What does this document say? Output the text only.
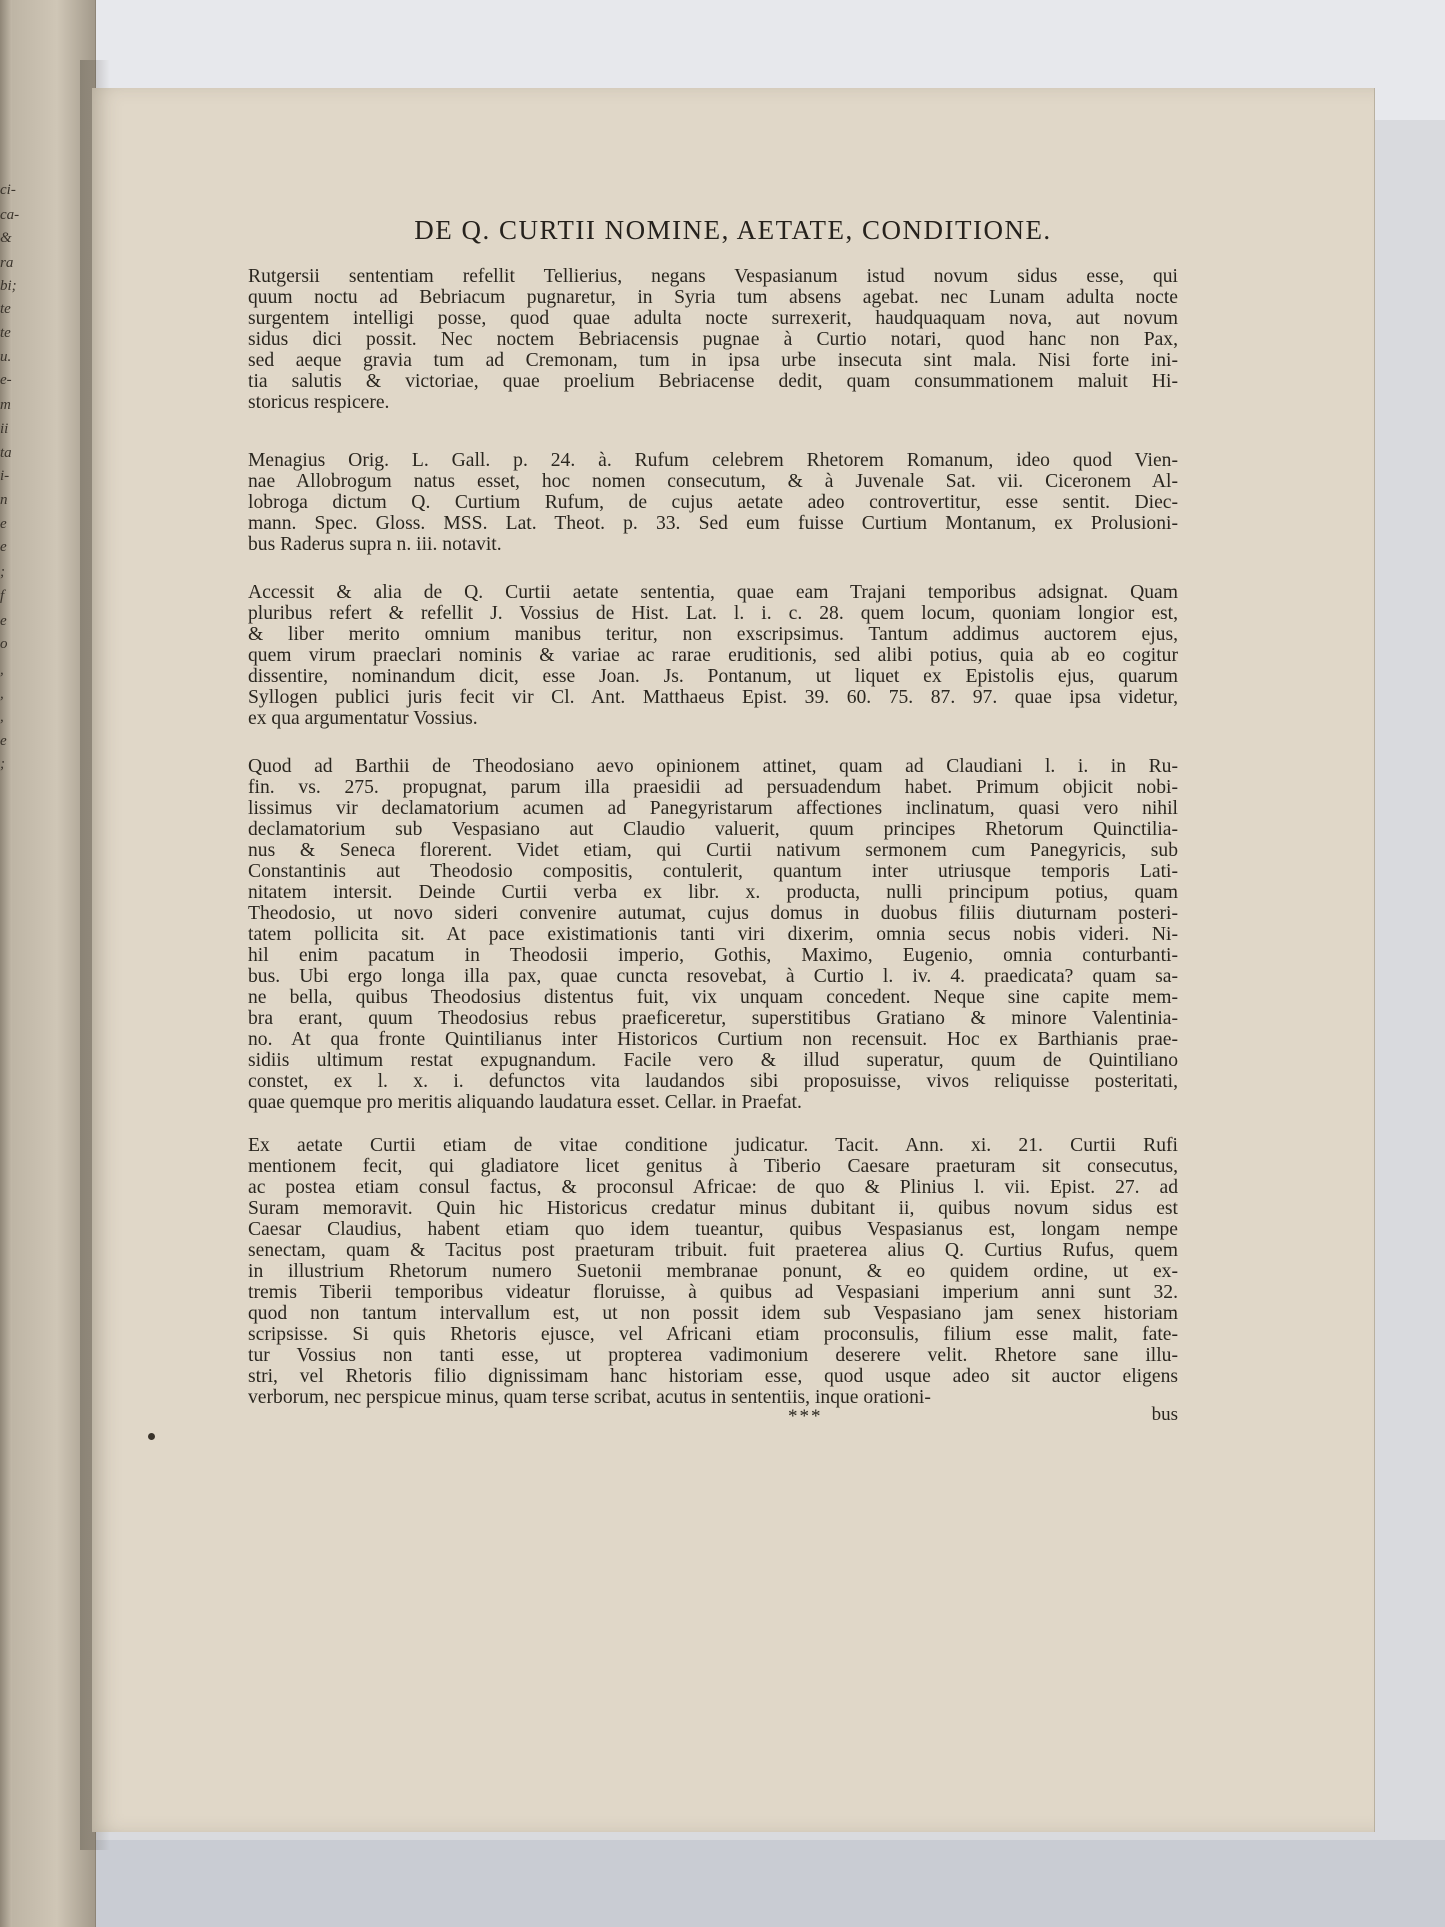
ci-
ca-
&
ra
bi;
te
te
u.
e-
m
ii
ta
i-
n
e
e
;
f
e
o
,
,
,
e
;
DE Q. CURTII NOMINE, AETATE, CONDITIONE.
Rutgersii sententiam refellit Tellierius, negans Vespasianum istud novum sidus esse, qui
quum noctu ad Bebriacum pugnaretur, in Syria tum absens agebat. nec Lunam adulta nocte
surgentem intelligi posse, quod quae adulta nocte surrexerit, haudquaquam nova, aut novum
sidus dici possit. Nec noctem Bebriacensis pugnae à Curtio notari, quod hanc non Pax,
sed aeque gravia tum ad Cremonam, tum in ipsa urbe insecuta sint mala. Nisi forte ini-
tia salutis & victoriae, quae proelium Bebriacense dedit, quam consummationem maluit Hi-
storicus respicere.
Menagius Orig. L. Gall. p. 24. à. Rufum celebrem Rhetorem Romanum, ideo quod Vien-
nae Allobrogum natus esset, hoc nomen consecutum, & à Juvenale Sat. vii. Ciceronem Al-
lobroga dictum Q. Curtium Rufum, de cujus aetate adeo controvertitur, esse sentit. Diec-
mann. Spec. Gloss. MSS. Lat. Theot. p. 33. Sed eum fuisse Curtium Montanum, ex Prolusioni-
bus Raderus supra n. iii. notavit.
Accessit & alia de Q. Curtii aetate sententia, quae eam Trajani temporibus adsignat. Quam
pluribus refert & refellit J. Vossius de Hist. Lat. l. i. c. 28. quem locum, quoniam longior est,
& liber merito omnium manibus teritur, non exscripsimus. Tantum addimus auctorem ejus,
quem virum praeclari nominis & variae ac rarae eruditionis, sed alibi potius, quia ab eo cogitur
dissentire, nominandum dicit, esse Joan. Js. Pontanum, ut liquet ex Epistolis ejus, quarum
Syllogen publici juris fecit vir Cl. Ant. Matthaeus Epist. 39. 60. 75. 87. 97. quae ipsa videtur,
ex qua argumentatur Vossius.
Quod ad Barthii de Theodosiano aevo opinionem attinet, quam ad Claudiani l. i. in Ru-
fin. vs. 275. propugnat, parum illa praesidii ad persuadendum habet. Primum objicit nobi-
lissimus vir declamatorium acumen ad Panegyristarum affectiones inclinatum, quasi vero nihil
declamatorium sub Vespasiano aut Claudio valuerit, quum principes Rhetorum Quinctilia-
nus & Seneca florerent. Videt etiam, qui Curtii nativum sermonem cum Panegyricis, sub
Constantinis aut Theodosio compositis, contulerit, quantum inter utriusque temporis Lati-
nitatem intersit. Deinde Curtii verba ex libr. x. producta, nulli principum potius, quam
Theodosio, ut novo sideri convenire autumat, cujus domus in duobus filiis diuturnam posteri-
tatem pollicita sit. At pace existimationis tanti viri dixerim, omnia secus nobis videri. Ni-
hil enim pacatum in Theodosii imperio, Gothis, Maximo, Eugenio, omnia conturbanti-
bus. Ubi ergo longa illa pax, quae cuncta resovebat, à Curtio l. iv. 4. praedicata? quam sa-
ne bella, quibus Theodosius distentus fuit, vix unquam concedent. Neque sine capite mem-
bra erant, quum Theodosius rebus praeficeretur, superstitibus Gratiano & minore Valentinia-
no. At qua fronte Quintilianus inter Historicos Curtium non recensuit. Hoc ex Barthianis prae-
sidiis ultimum restat expugnandum. Facile vero & illud superatur, quum de Quintiliano
constet, ex l. x. i. defunctos vita laudandos sibi proposuisse, vivos reliquisse posteritati,
quae quemque pro meritis aliquando laudatura esset. Cellar. in Praefat.
Ex aetate Curtii etiam de vitae conditione judicatur. Tacit. Ann. xi. 21. Curtii Rufi
mentionem fecit, qui gladiatore licet genitus à Tiberio Caesare praeturam sit consecutus,
ac postea etiam consul factus, & proconsul Africae: de quo & Plinius l. vii. Epist. 27. ad
Suram memoravit. Quin hic Historicus credatur minus dubitant ii, quibus novum sidus est
Caesar Claudius, habent etiam quo idem tueantur, quibus Vespasianus est, longam nempe
senectam, quam & Tacitus post praeturam tribuit. fuit praeterea alius Q. Curtius Rufus, quem
in illustrium Rhetorum numero Suetonii membranae ponunt, & eo quidem ordine, ut ex-
tremis Tiberii temporibus videatur floruisse, à quibus ad Vespasiani imperium anni sunt 32.
quod non tantum intervallum est, ut non possit idem sub Vespasiano jam senex historiam
scripsisse. Si quis Rhetoris ejusce, vel Africani etiam proconsulis, filium esse malit, fate-
tur Vossius non tanti esse, ut propterea vadimonium deserere velit. Rhetore sane illu-
stri, vel Rhetoris filio dignissimam hanc historiam esse, quod usque adeo sit auctor eligens
verborum, nec perspicue minus, quam terse scribat, acutus in sententiis, inque orationi-
***	bus
